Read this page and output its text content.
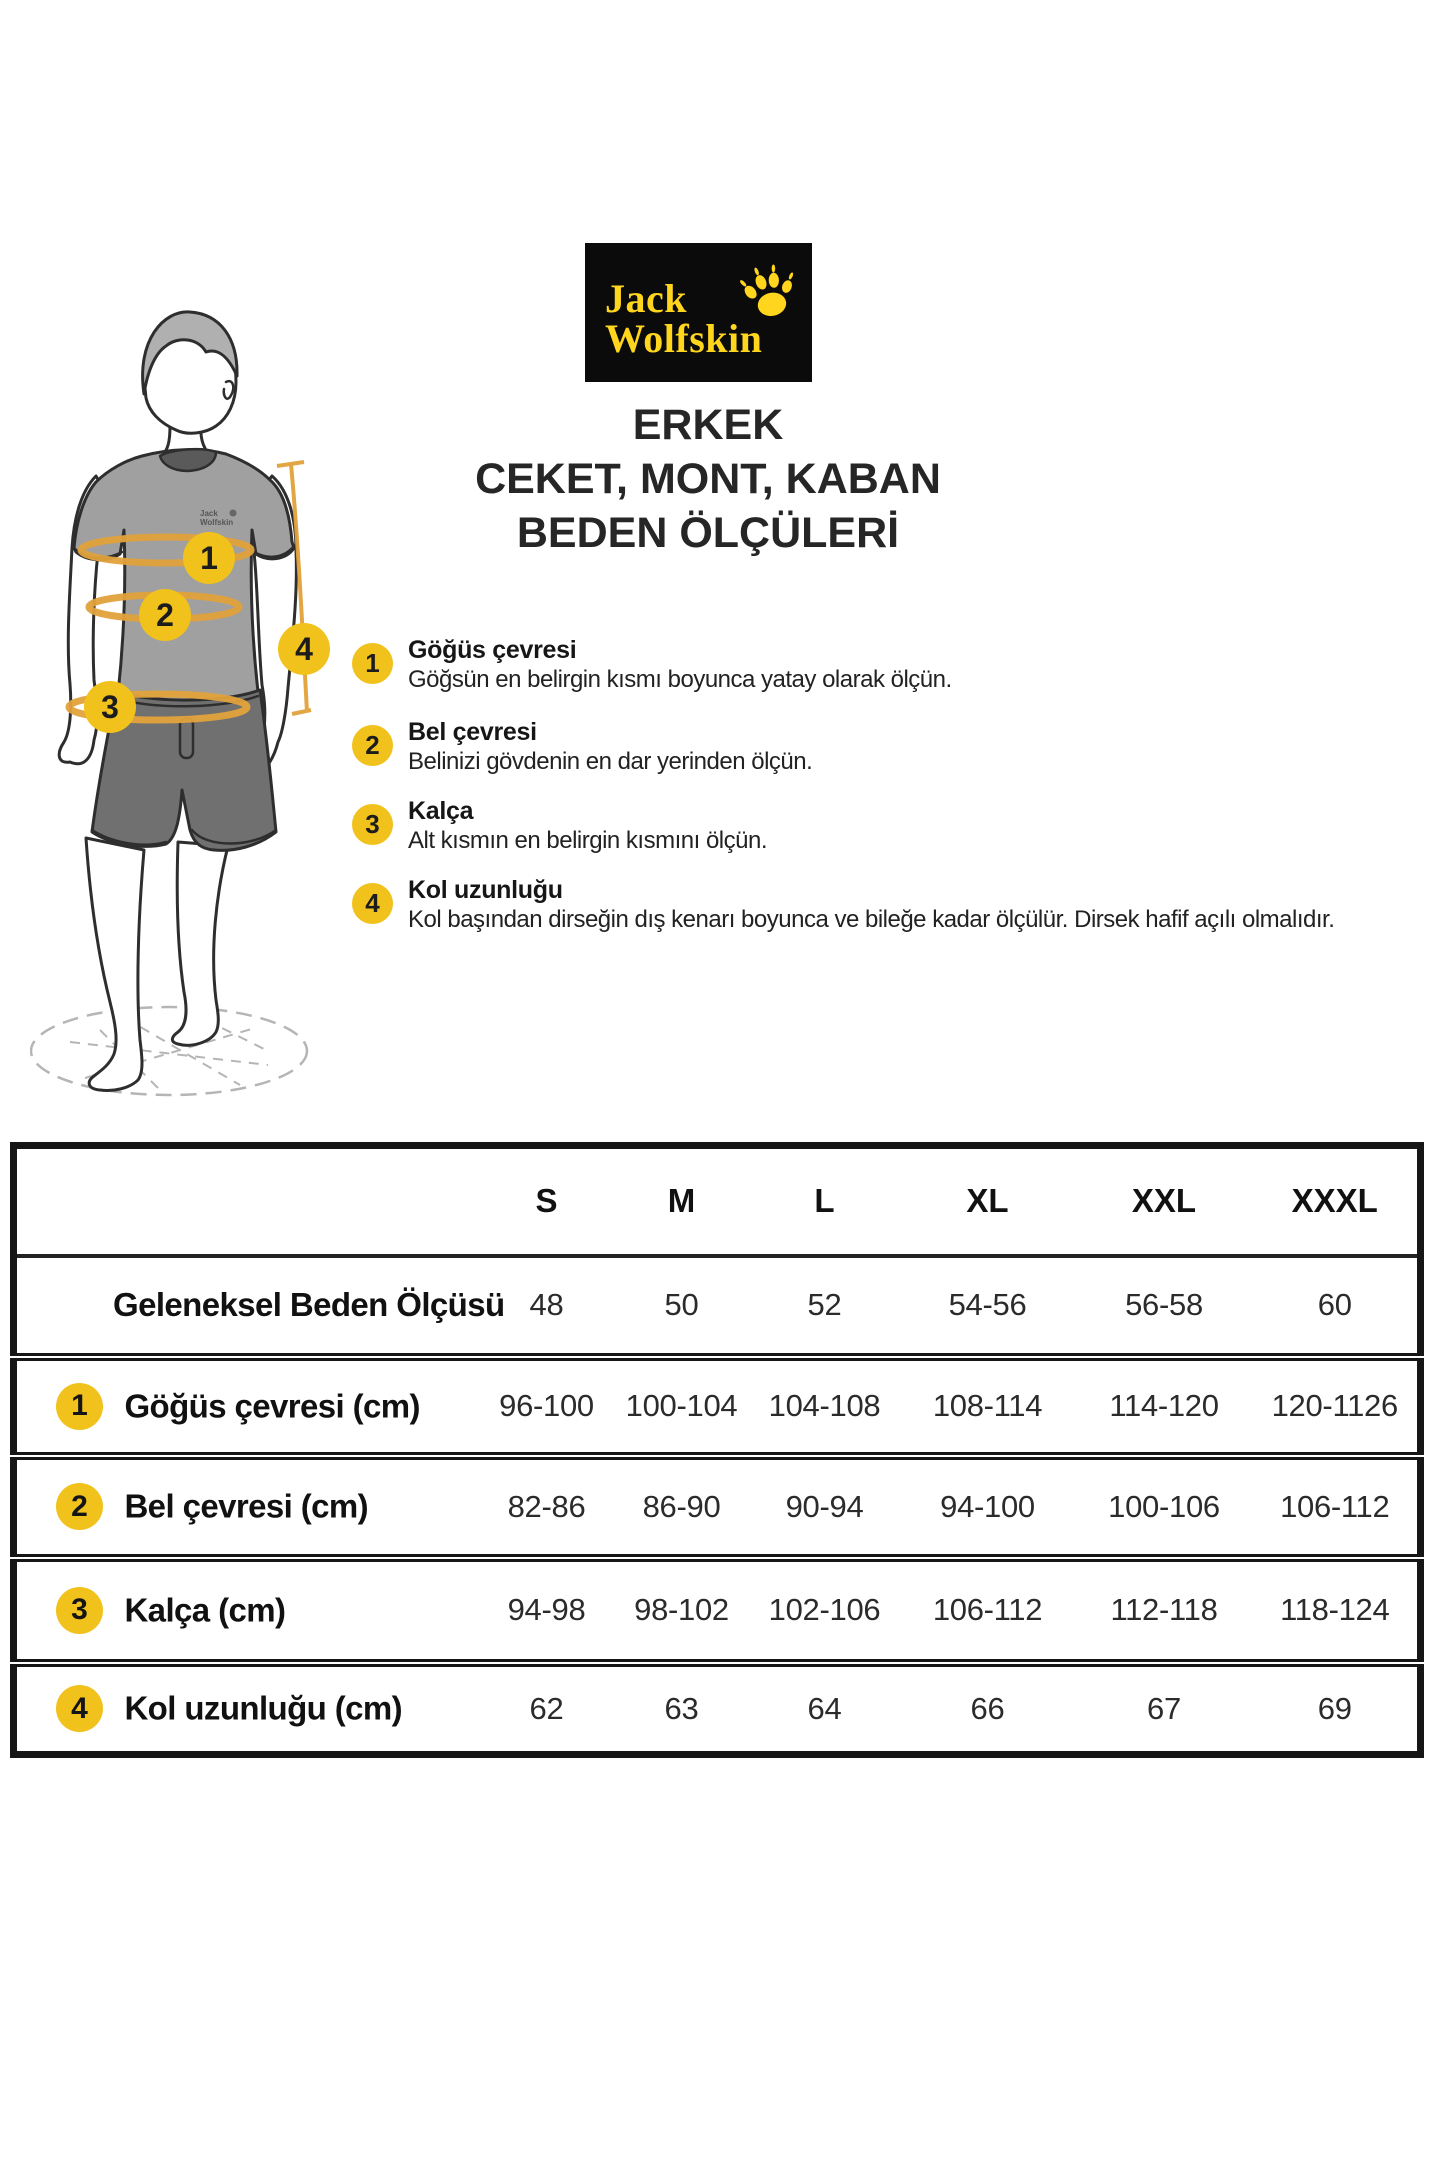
Jack
Wolfskin
ERKEK
CEKET, MONT, KABAN
BEDEN ÖLÇÜLERİ
Jack
Wolfskin
1
2
3
4 1 Göğüs çevresi
Göğsün en belirgin kısmı boyunca yatay olarak ölçün.
2 Bel çevresi
Belinizi gövdenin en dar yerinden ölçün.
3 Kalça
Alt kısmın en belirgin kısmını ölçün.
4 Kol uzunluğu
Kol başından dirseğin dış kenarı boyunca ve bileğe kadar ölçülür. Dirsek hafif açılı olmalıdır.
	S	M	L	XL	XXL	XXXL
Geleneksel Beden Ölçüsü	48	50	52	54-56	56-58	60
1 Göğüs çevresi (cm)	96-100	100-104	104-108	108-114	114-120	120-1126
2 Bel çevresi (cm)	82-86	86-90	90-94	94-100	100-106	106-112
3 Kalça (cm)	94-98	98-102	102-106	106-112	112-118	118-124
4 Kol uzunluğu (cm)	62	63	64	66	67	69
